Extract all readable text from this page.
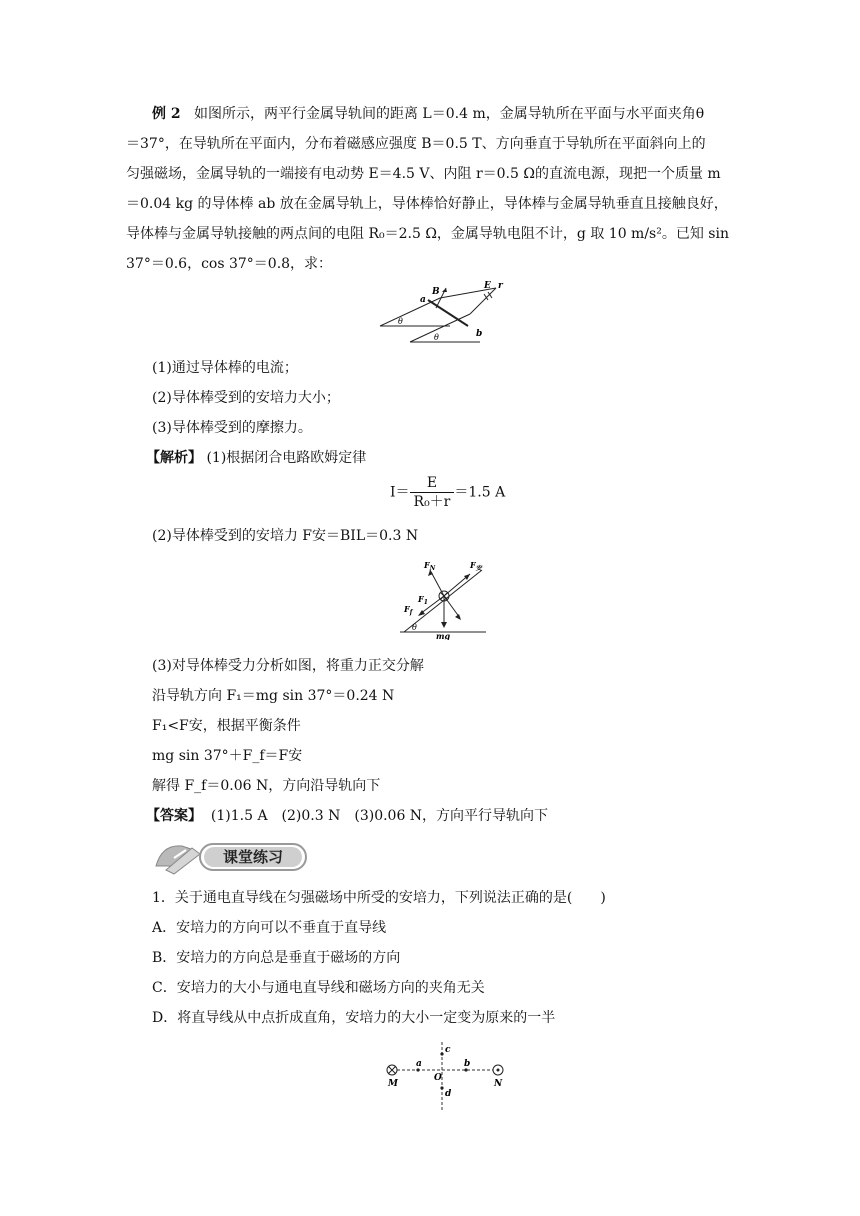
例 2 如图所示，两平行金属导轨间的距离 L＝0.4 m，金属导轨所在平面与水平面夹角θ
＝37°，在导轨所在平面内，分布着磁感应强度 B＝0.5 T、方向垂直于导轨所在平面斜向上的
匀强磁场，金属导轨的一端接有电动势 E＝4.5 V、内阻 r＝0.5 Ω的直流电源，现把一个质量 m
＝0.04 kg 的导体棒 ab 放在金属导轨上，导体棒恰好静止，导体棒与金属导轨垂直且接触良好，
导体棒与金属导轨接触的两点间的电阻 R₀＝2.5 Ω，金属导轨电阻不计，g 取 10 m/s²。已知 sin
37°＝0.6，cos 37°＝0.8，求：
B
E r
a
b
θ
θ
(1)通过导体棒的电流；
(2)导体棒受到的安培力大小；
(3)导体棒受到的摩擦力。
【解析】 (1)根据闭合电路欧姆定律
$I= \frac{E}{\text{R₀＋r}} =1.5$ A
(2)导体棒受到的安培力 F安＝BIL＝0.3 N
$F_N$	$F_安$
$F_1$
$F_f$
mg
θ
(3)对导体棒受力分析如图，将重力正交分解
沿导轨方向 F₁＝mg sin 37°＝0.24 N
F₁<F安，根据平衡条件
mg sin 37°＋F_f＝F安
解得 F_f＝0.06 N，方向沿导轨向下
【答案】 (1)1.5 A　(2)0.3 N　(3)0.06 N，方向平行导轨向下
课堂练习
1．关于通电直导线在匀强磁场中所受的安培力，下列说法正确的是(　　)
A．安培力的方向可以不垂直于直导线
B．安培力的方向总是垂直于磁场的方向
C．安培力的大小与通电直导线和磁场方向的夹角无关
D．将直导线从中点折成直角，安培力的大小一定变为原来的一半
M	N
O
a	b
c
d
